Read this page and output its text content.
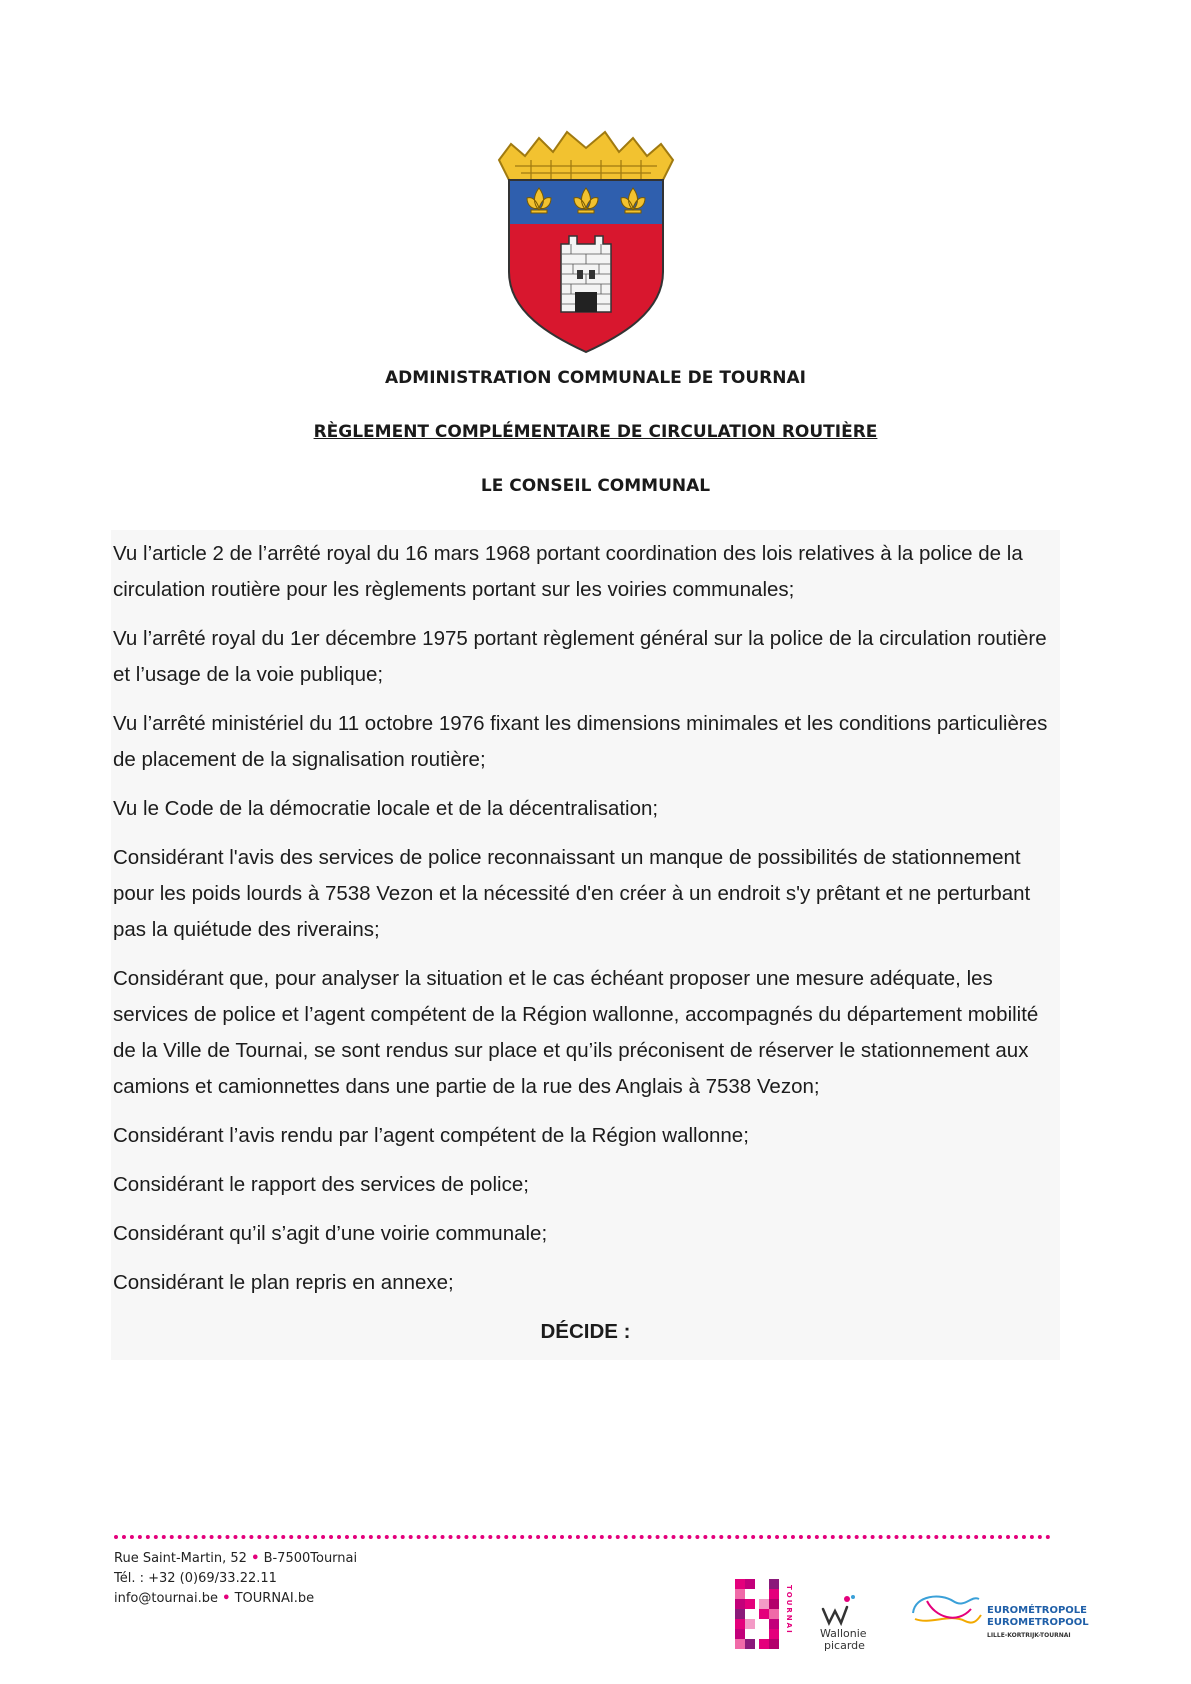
ADMINISTRATION COMMUNALE DE TOURNAI
RÈGLEMENT COMPLÉMENTAIRE DE CIRCULATION ROUTIÈRE
LE CONSEIL COMMUNAL

Vu l’article 2 de l’arrêté royal du 16 mars 1968 portant coordination des lois relatives à la police de la circulation routière pour les règlements portant sur les voiries communales;

Vu l’arrêté royal du 1er décembre 1975 portant règlement général sur la police de la circulation routière et l’usage de la voie publique;

Vu l’arrêté ministériel du 11 octobre 1976 fixant les dimensions minimales et les conditions particulières de placement de la signalisation routière;

Vu le Code de la démocratie locale et de la décentralisation;

Considérant l'avis des services de police reconnaissant un manque de possibilités de stationnement pour les poids lourds à 7538 Vezon et la nécessité d'en créer à un endroit s'y prêtant et ne perturbant pas la quiétude des riverains;

Considérant que, pour analyser la situation et le cas échéant proposer une mesure adéquate, les services de police et l’agent compétent de la Région wallonne, accompagnés du département mobilité de la Ville de Tournai, se sont rendus sur place et qu’ils préconisent de réserver le stationnement aux camions et camionnettes dans une partie de la rue des Anglais à 7538 Vezon;

Considérant l’avis rendu par l’agent compétent de la Région wallonne;

Considérant le rapport des services de police;

Considérant qu’il s’agit d’une voirie communale;

Considérant le plan repris en annexe;

DÉCIDE :

Rue Saint-Martin, 52 • B-7500Tournai
Tél. : +32 (0)69/33.22.11
info@tournai.be • TOURNAI.be	TOURNAI Wallonie
picarde
EUROMÉTROPOLE
EUROMETROPOOL
LILLE-KORTRIJK-TOURNAI
